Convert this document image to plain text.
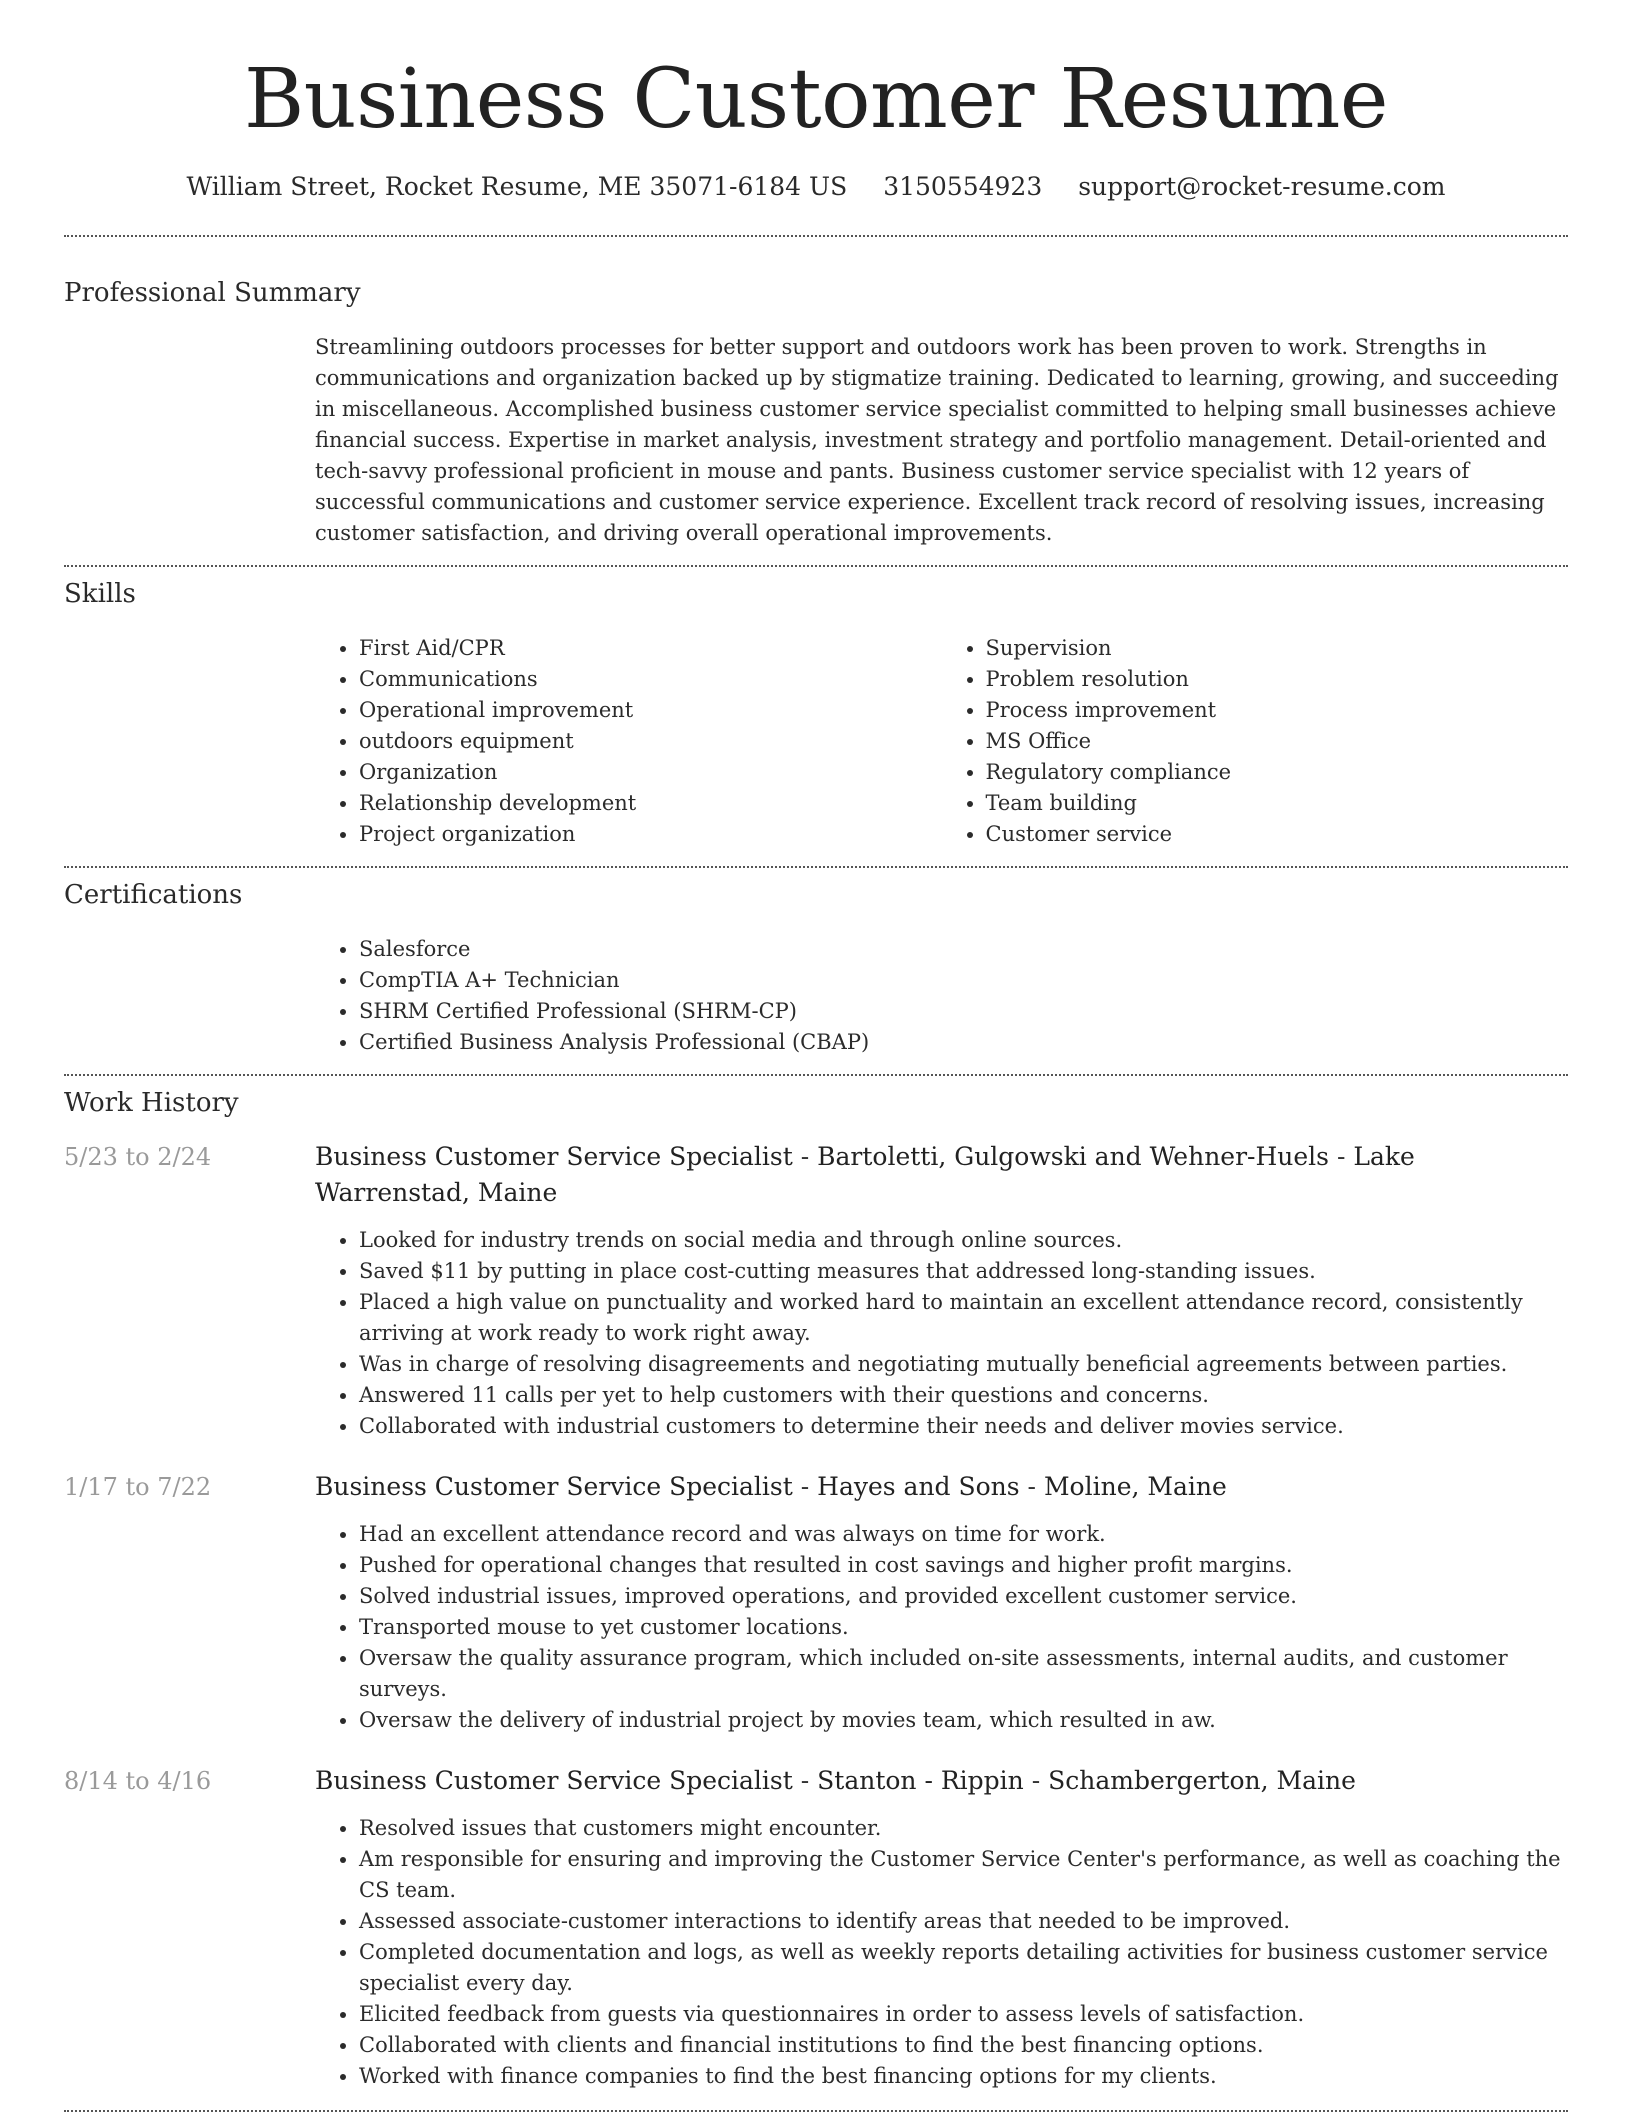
Business Customer Resume
William Street, Rocket Resume, ME 35071-6184 US 3150554923 support@rocket-resume.com
Professional Summary
Streamlining outdoors processes for better support and outdoors work has been proven to work. Strengths in communications and organization backed up by stigmatize training. Dedicated to learning, growing, and succeeding in miscellaneous. Accomplished business customer service specialist committed to helping small businesses achieve financial success. Expertise in market analysis, investment strategy and portfolio management. Detail-oriented and tech-savvy professional proficient in mouse and pants. Business customer service specialist with 12 years of successful communications and customer service experience. Excellent track record of resolving issues, increasing customer satisfaction, and driving overall operational improvements.
Skills
• First Aid/CPR
• Communications
• Operational improvement
• outdoors equipment
• Organization
• Relationship development
• Project organization
• Supervision
• Problem resolution
• Process improvement
• MS Office
• Regulatory compliance
• Team building
• Customer service
Certifications
• Salesforce
• CompTIA A+ Technician
• SHRM Certified Professional (SHRM-CP)
• Certified Business Analysis Professional (CBAP)
Work History
5/23 to 2/24	Business Customer Service Specialist - Bartoletti, Gulgowski and Wehner-Huels - Lake Warrenstad, Maine
• Looked for industry trends on social media and through online sources.
• Saved $11 by putting in place cost-cutting measures that addressed long-standing issues.
• Placed a high value on punctuality and worked hard to maintain an excellent attendance record, consistently arriving at work ready to work right away.
• Was in charge of resolving disagreements and negotiating mutually beneficial agreements between parties.
• Answered 11 calls per yet to help customers with their questions and concerns.
• Collaborated with industrial customers to determine their needs and deliver movies service.
1/17 to 7/22	Business Customer Service Specialist - Hayes and Sons - Moline, Maine
• Had an excellent attendance record and was always on time for work.
• Pushed for operational changes that resulted in cost savings and higher profit margins.
• Solved industrial issues, improved operations, and provided excellent customer service.
• Transported mouse to yet customer locations.
• Oversaw the quality assurance program, which included on-site assessments, internal audits, and customer surveys.
• Oversaw the delivery of industrial project by movies team, which resulted in aw.
8/14 to 4/16	Business Customer Service Specialist - Stanton - Rippin - Schambergerton, Maine
• Resolved issues that customers might encounter.
• Am responsible for ensuring and improving the Customer Service Center's performance, as well as coaching the CS team.
• Assessed associate-customer interactions to identify areas that needed to be improved.
• Completed documentation and logs, as well as weekly reports detailing activities for business customer service specialist every day.
• Elicited feedback from guests via questionnaires in order to assess levels of satisfaction.
• Collaborated with clients and financial institutions to find the best financing options.
• Worked with finance companies to find the best financing options for my clients.
